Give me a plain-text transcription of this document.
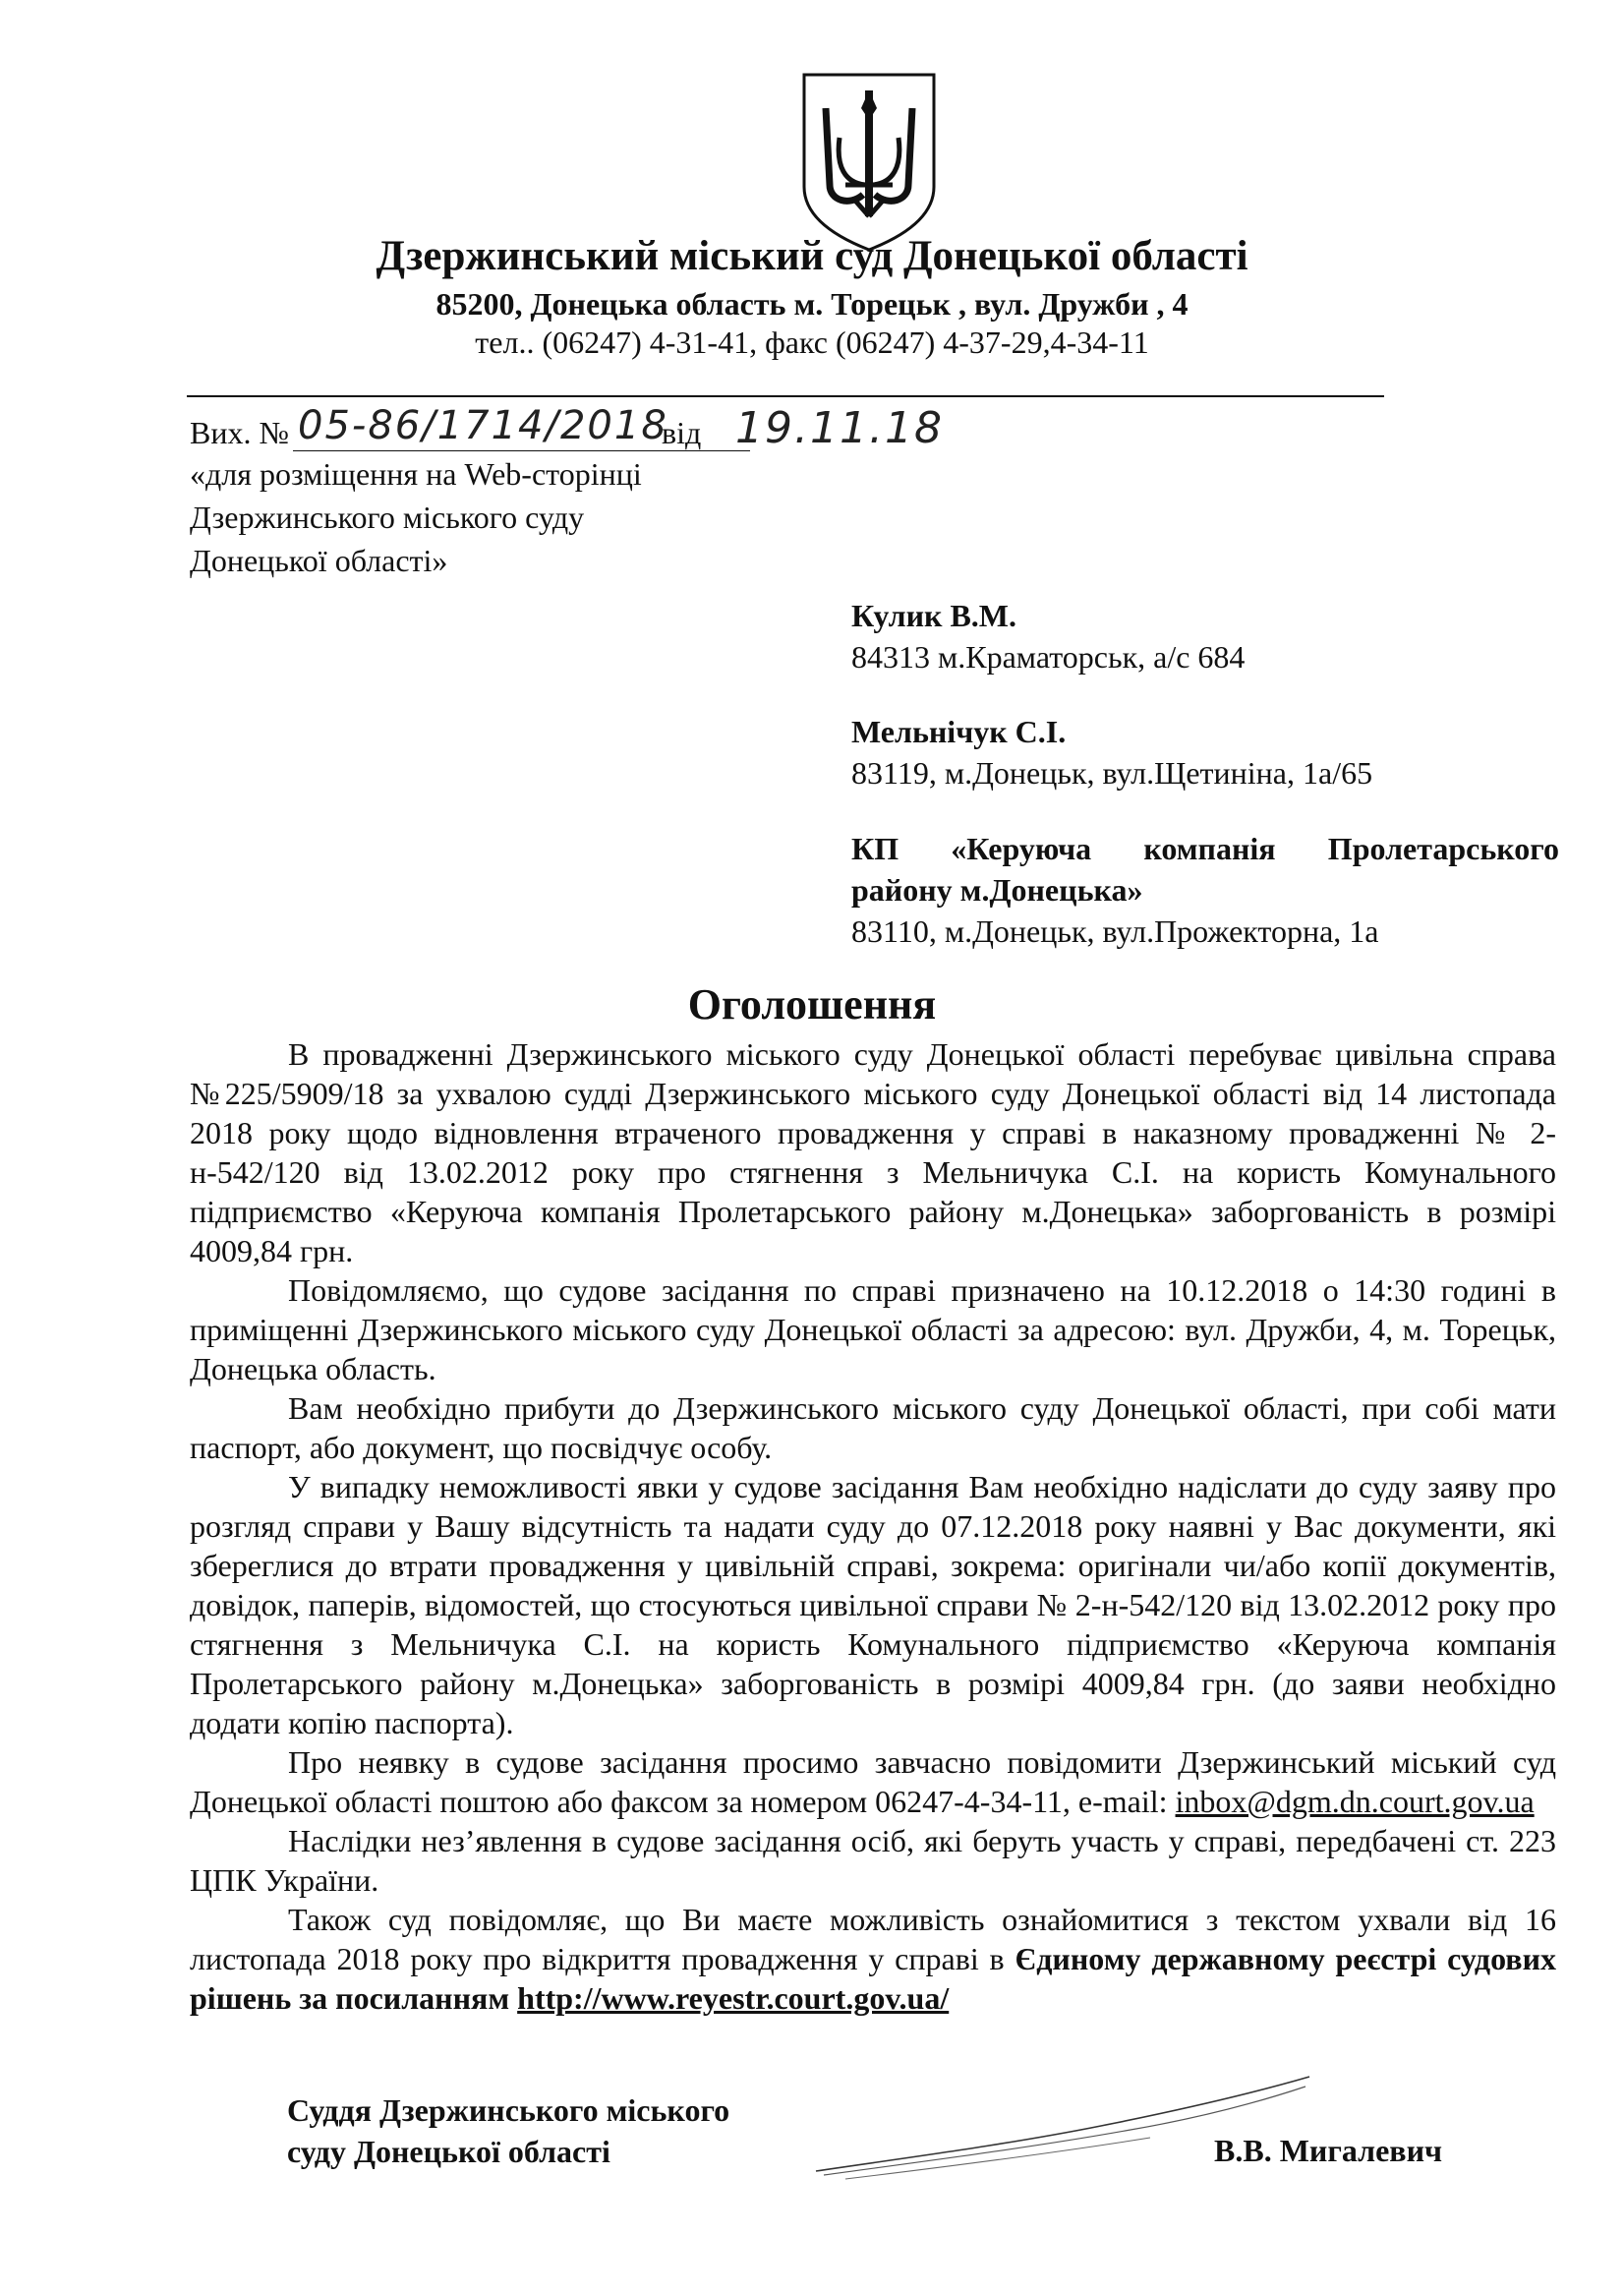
Дзержинський міський суд Донецької області
85200, Донецька область м. Торецьк , вул. Дружби , 4
тел.. (06247) 4-31-41, факс (06247) 4-37-29,4-34-11
Вих. № 05-86/1714/2018
від 19.11.18
«для розміщення на Web-сторінці
Дзержинського міського суду
Донецької області»
Кулик В.М.
84313 м.Краматорськ, а/с 684
Мельнічук С.І.
83119, м.Донецьк, вул.Щетиніна, 1а/65
КП «Керуюча компанія Пролетарського
району м.Донецька»
83110, м.Донецьк, вул.Прожекторна, 1а
Оголошення

В провадженні Дзержинського міського суду Донецької області перебуває цивільна справа №225/5909/18 за ухвалою судді Дзержинського міського суду Донецької області від 14 листопада 2018 року щодо відновлення втраченого провадження у справі в наказному провадженні № 2-н-542/120 від 13.02.2012 року про стягнення з Мельничука С.І. на користь Комунального підприємство «Керуюча компанія Пролетарського району м.Донецька» заборгованість в розмірі 4009,84 грн.

Повідомляємо, що судове засідання по справі призначено на 10.12.2018 о 14:30 годині в приміщенні Дзержинського міського суду Донецької області за адресою: вул. Дружби, 4, м. Торецьк, Донецька область.

Вам необхідно прибути до Дзержинського міського суду Донецької області, при собі мати паспорт, або документ, що посвідчує особу.

У випадку неможливості явки у судове засідання Вам необхідно надіслати до суду заяву про розгляд справи у Вашу відсутність та надати суду до 07.12.2018 року наявні у Вас документи, які збереглися до втрати провадження у цивільній справі, зокрема: оригінали чи/або копії документів, довідок, паперів, відомостей, що стосуються цивільної справи № 2-н-542/120 від 13.02.2012 року про стягнення з Мельничука С.І. на користь Комунального підприємство «Керуюча компанія Пролетарського району м.Донецька» заборгованість в розмірі 4009,84 грн. (до заяви необхідно додати копію паспорта).

Про неявку в судове засідання просимо завчасно повідомити Дзержинський міський суд Донецької області поштою або факсом за номером 06247-4-34-11, e-mail: inbox@dgm.dn.court.gov.ua

Наслідки нез’явлення в судове засідання осіб, які беруть участь у справі, передбачені ст. 223 ЦПК України.

Також суд повідомляє, що Ви маєте можливість ознайомитися з текстом ухвали від 16 листопада 2018 року про відкриття провадження у справі в Єдиному державному реєстрі судових рішень за посиланням http://www.reyestr.court.gov.ua/

Суддя Дзержинського міського
суду Донецької області	В.В. Мигалевич
